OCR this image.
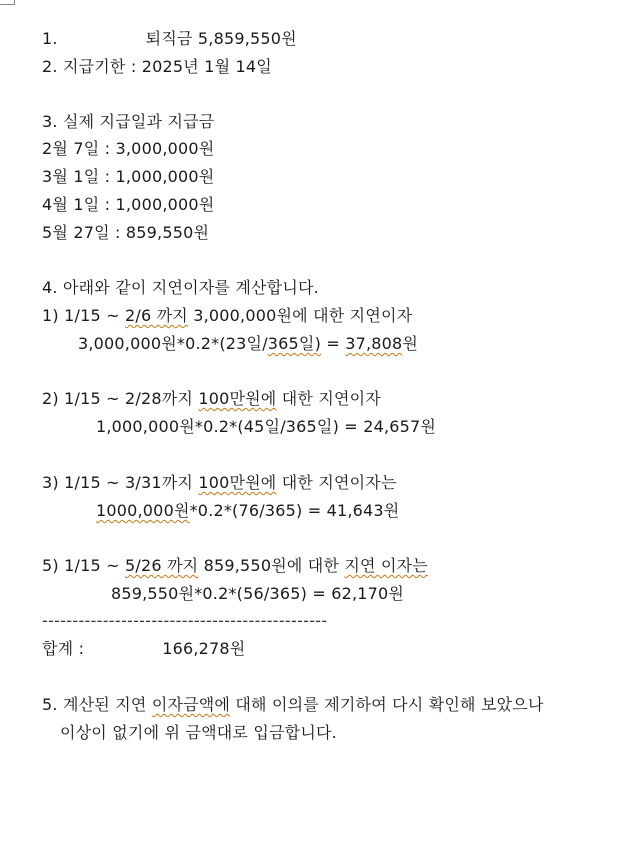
1.	퇴직금 5,859,550원
2. 지급기한 : 2025년 1월 14일
3. 실제 지급일과 지급금
2월 7일 : 3,000,000원
3월 1일 : 1,000,000원
4월 1일 : 1,000,000원
5월 27일 : 859,550원
4. 아래와 같이 지연이자를 계산합니다.
1) 1/15 ~ 2/6 까지 3,000,000원에 대한 지연이자
3,000,000원*0.2*(23일/365일) = 37,808원
2) 1/15 ~ 2/28까지 100만원에 대한 지연이자
1,000,000원*0.2*(45일/365일) = 24,657원
3) 1/15 ~ 3/31까지 100만원에 대한 지연이자는
1000,000원*0.2*(76/365) = 41,643원
5) 1/15 ~ 5/26 까지 859,550원에 대한 지연 이자는
859,550원*0.2*(56/365) = 62,170원
-----------------------------------------------
합계 :	166,278원
5. 계산된 지연 이자금액에 대해 이의를 제기하여 다시 확인해 보았으나
이상이 없기에 위 금액대로 입금합니다.
